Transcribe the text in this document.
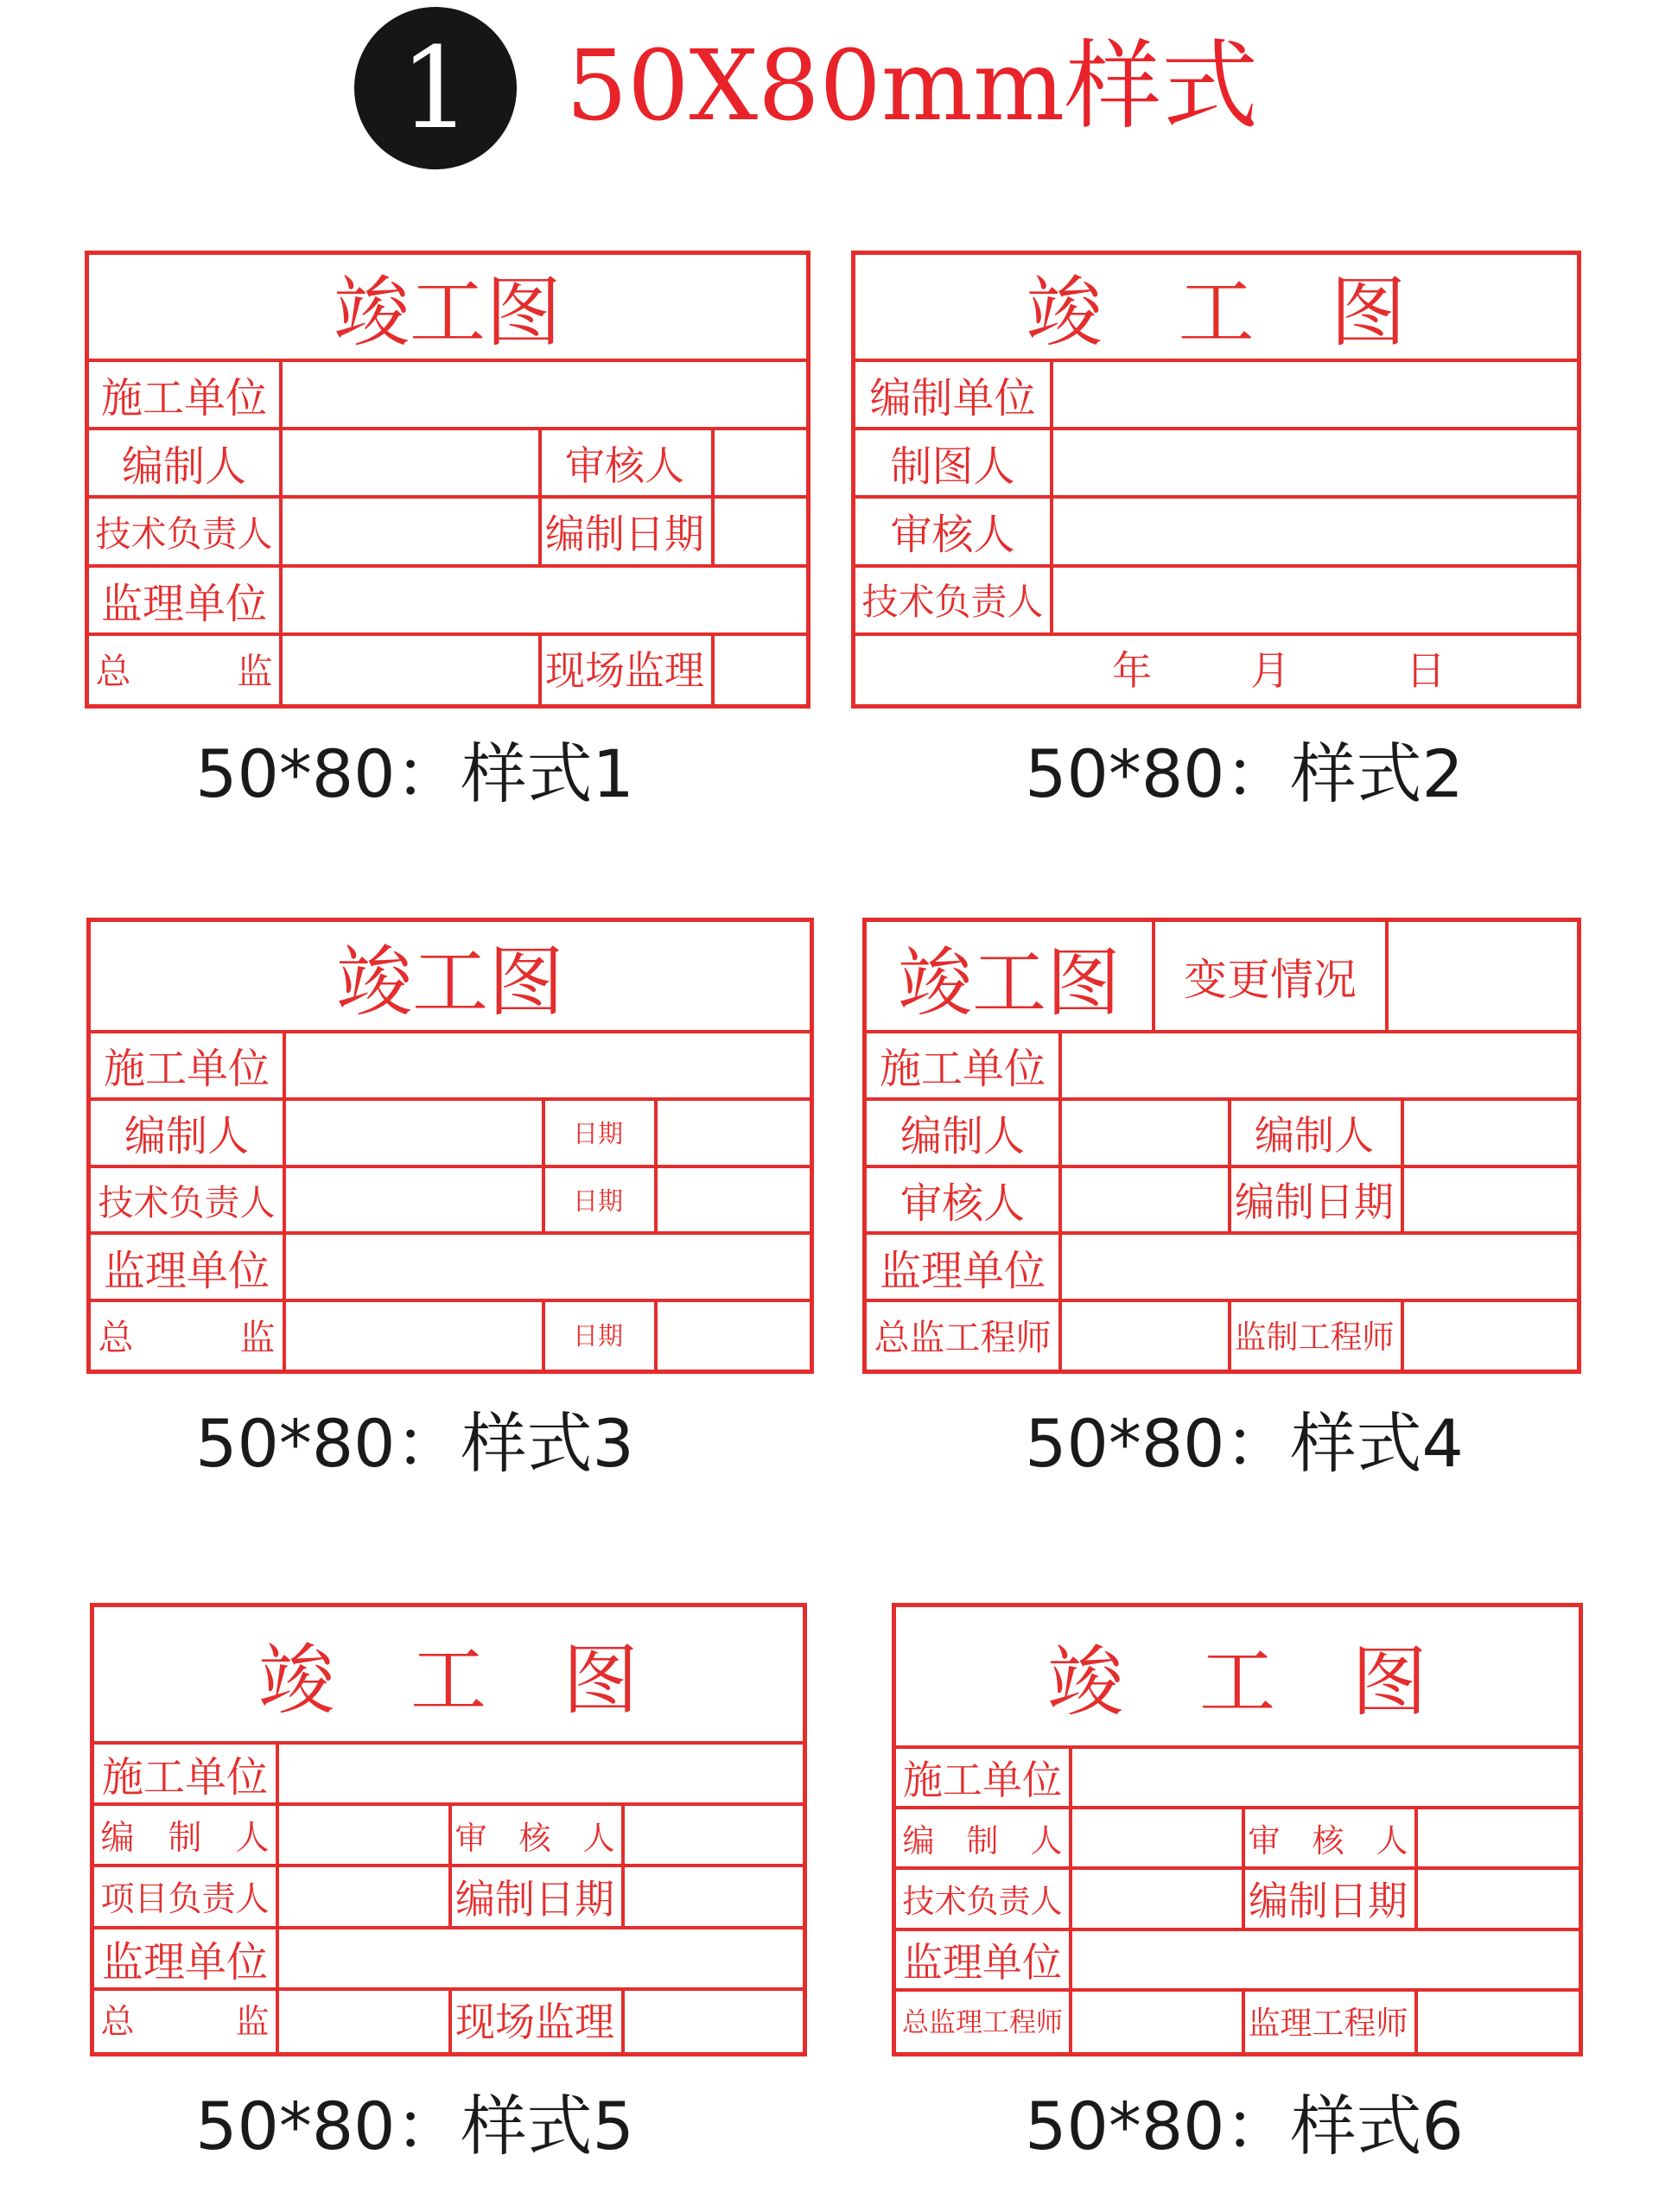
1 50X80mm样式
竣工图
施工单位
编制人	审核人
技术负责人	编制日期
监理单位
总　　　监	现场监理
竣　工　图
编制单位
制图人
审核人
技术负责人
年	月	日
竣工图
施工单位
编制人	日期
技术负责人	日期
监理单位
总　　　监	日期
竣工图	变更情况
施工单位
编制人	编制人
审核人	编制日期
监理单位
总监工程师	监制工程师
竣　工　图
施工单位
编　制　人	审　核　人
项目负责人	编制日期
监理单位
总　　　监	现场监理
竣　工　图
施工单位
编　制　人	审　核　人
技术负责人	编制日期
监理单位
总监理工程师	监理工程师
50*80：样式1	50*80：样式2
50*80：样式3	50*80：样式4
50*80：样式5	50*80：样式6
